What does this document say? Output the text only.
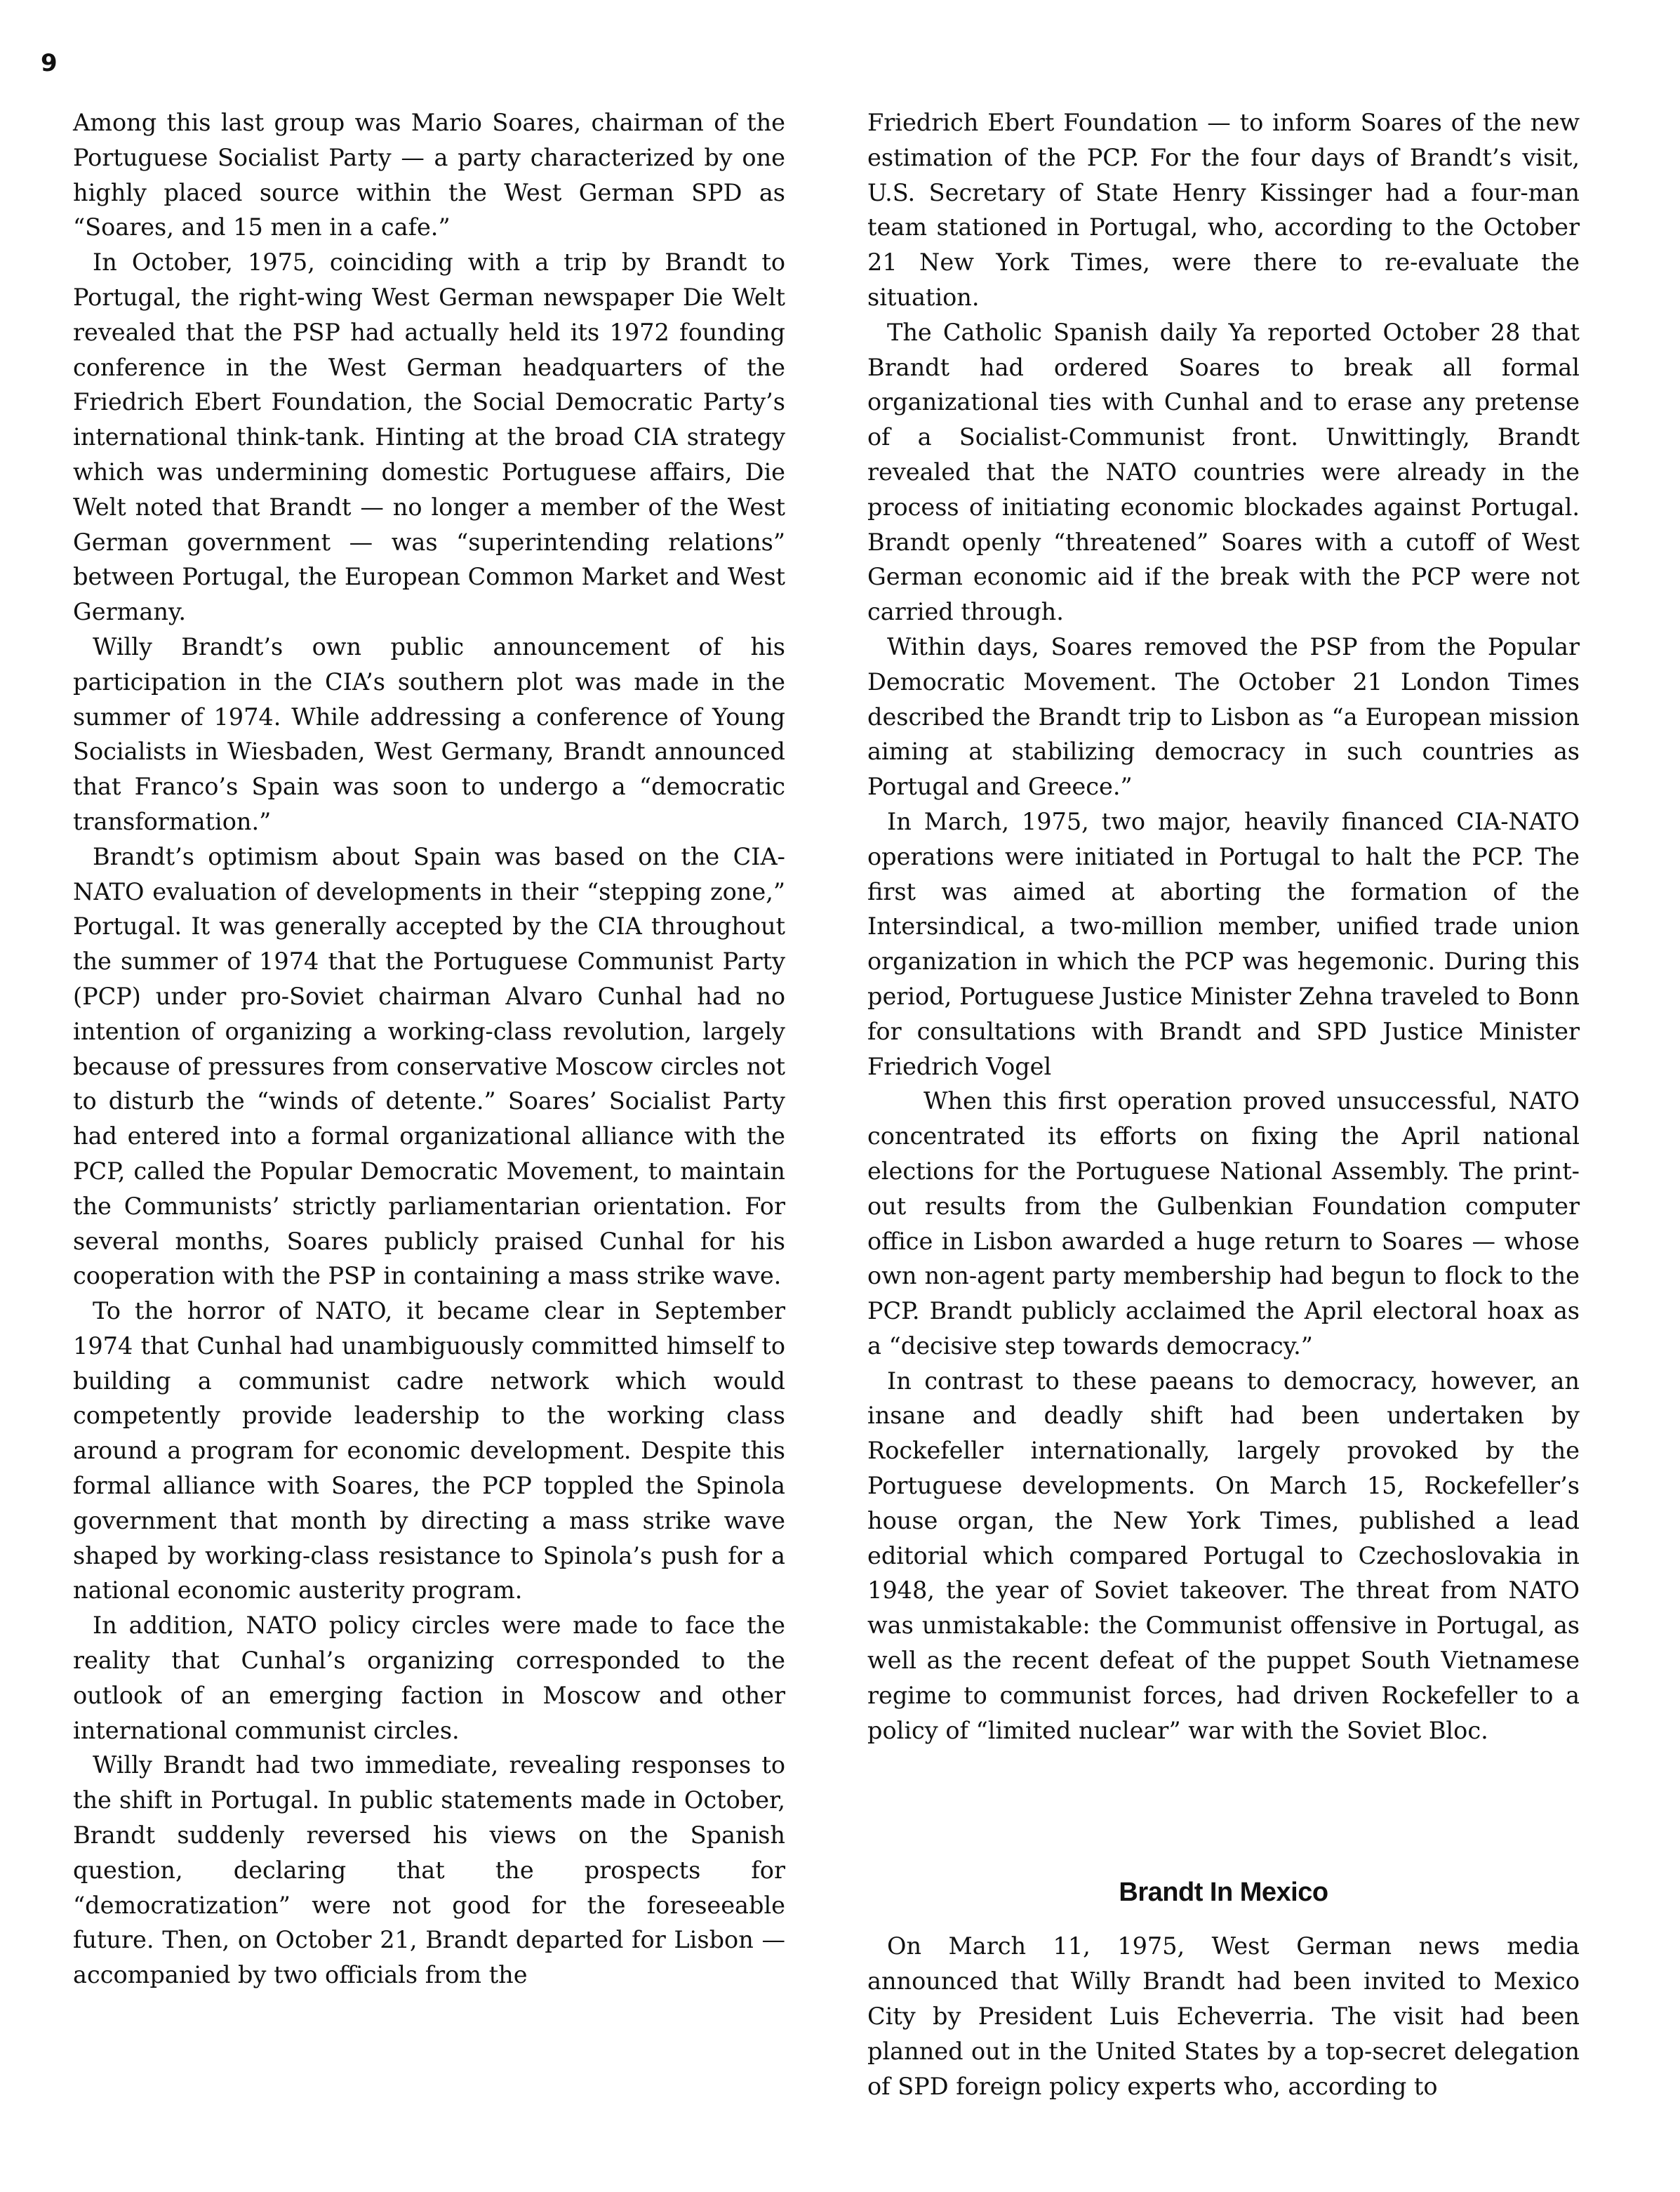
9

Among this last group was Mario Soares, chairman of the Portuguese Socialist Party — a party characterized by one highly placed source within the West German SPD as “Soares, and 15 men in a cafe.”

In October, 1975, coinciding with a trip by Brandt to Portugal, the right-wing West German newspaper Die Welt revealed that the PSP had actually held its 1972 founding conference in the West German headquarters of the Friedrich Ebert Foundation, the Social Democratic Party’s international think-tank. Hinting at the broad CIA strategy which was undermining domestic Portuguese affairs, Die Welt noted that Brandt — no longer a member of the West German government — was “superintending relations” between Portugal, the European Common Market and West Germany.

Willy Brandt’s own public announcement of his participation in the CIA’s southern plot was made in the summer of 1974. While addressing a conference of Young Socialists in Wiesbaden, West Germany, Brandt announced that Franco’s Spain was soon to undergo a “democratic transformation.”

Brandt’s optimism about Spain was based on the CIA-NATO evaluation of developments in their “stepping zone,” Portugal. It was generally accepted by the CIA throughout the summer of 1974 that the Portuguese Communist Party (PCP) under pro-Soviet chairman Alvaro Cunhal had no intention of organizing a working-class revolution, largely because of pressures from conservative Moscow circles not to disturb the “winds of detente.” Soares’ Socialist Party had entered into a formal organizational alliance with the PCP, called the Popular Democratic Movement, to maintain the Communists’ strictly parliamentarian orientation. For several months, Soares publicly praised Cunhal for his cooperation with the PSP in containing a mass strike wave.

To the horror of NATO, it became clear in September 1974 that Cunhal had unambiguously committed himself to building a communist cadre network which would competently provide leadership to the working class around a program for economic development. Despite this formal alliance with Soares, the PCP toppled the Spinola government that month by directing a mass strike wave shaped by working-class resistance to Spinola’s push for a national economic austerity program.

In addition, NATO policy circles were made to face the reality that Cunhal’s organizing corresponded to the outlook of an emerging faction in Moscow and other international communist circles.

Willy Brandt had two immediate, revealing responses to the shift in Portugal. In public statements made in October, Brandt suddenly reversed his views on the Spanish question, declaring that the prospects for “democratization” were not good for the foreseeable future. Then, on October 21, Brandt departed for Lisbon — accompanied by two officials from the

Friedrich Ebert Foundation — to inform Soares of the new estimation of the PCP. For the four days of Brandt’s visit, U.S. Secretary of State Henry Kissinger had a four-man team stationed in Portugal, who, according to the October 21 New York Times, were there to re-evaluate the situation.

The Catholic Spanish daily Ya reported October 28 that Brandt had ordered Soares to break all formal organizational ties with Cunhal and to erase any pretense of a Socialist-Communist front. Unwittingly, Brandt revealed that the NATO countries were already in the process of initiating economic blockades against Portugal. Brandt openly “threatened” Soares with a cutoff of West German economic aid if the break with the PCP were not carried through.

Within days, Soares removed the PSP from the Popular Democratic Movement. The October 21 London Times described the Brandt trip to Lisbon as “a European mission aiming at stabilizing democracy in such countries as Portugal and Greece.”

In March, 1975, two major, heavily financed CIA-NATO operations were initiated in Portugal to halt the PCP. The first was aimed at aborting the formation of the Intersindical, a two-million member, unified trade union organization in which the PCP was hegemonic. During this period, Portuguese Justice Minister Zehna traveled to Bonn for consultations with Brandt and SPD Justice Minister Friedrich Vogel

When this first operation proved unsuccessful, NATO concentrated its efforts on fixing the April national elections for the Portuguese National Assembly. The print-out results from the Gulbenkian Foundation computer office in Lisbon awarded a huge return to Soares — whose own non-agent party membership had begun to flock to the PCP. Brandt publicly acclaimed the April electoral hoax as a “decisive step towards democracy.”

In contrast to these paeans to democracy, however, an insane and deadly shift had been undertaken by Rockefeller internationally, largely provoked by the Portuguese developments. On March 15, Rockefeller’s house organ, the New York Times, published a lead editorial which compared Portugal to Czechoslovakia in 1948, the year of Soviet takeover. The threat from NATO was unmistakable: the Communist offensive in Portugal, as well as the recent defeat of the puppet South Vietnamese regime to communist forces, had driven Rockefeller to a policy of “limited nuclear” war with the Soviet Bloc.

Brandt In Mexico

On March 11, 1975, West German news media announced that Willy Brandt had been invited to Mexico City by President Luis Echeverria. The visit had been planned out in the United States by a top-secret delegation of SPD foreign policy experts who, according to
